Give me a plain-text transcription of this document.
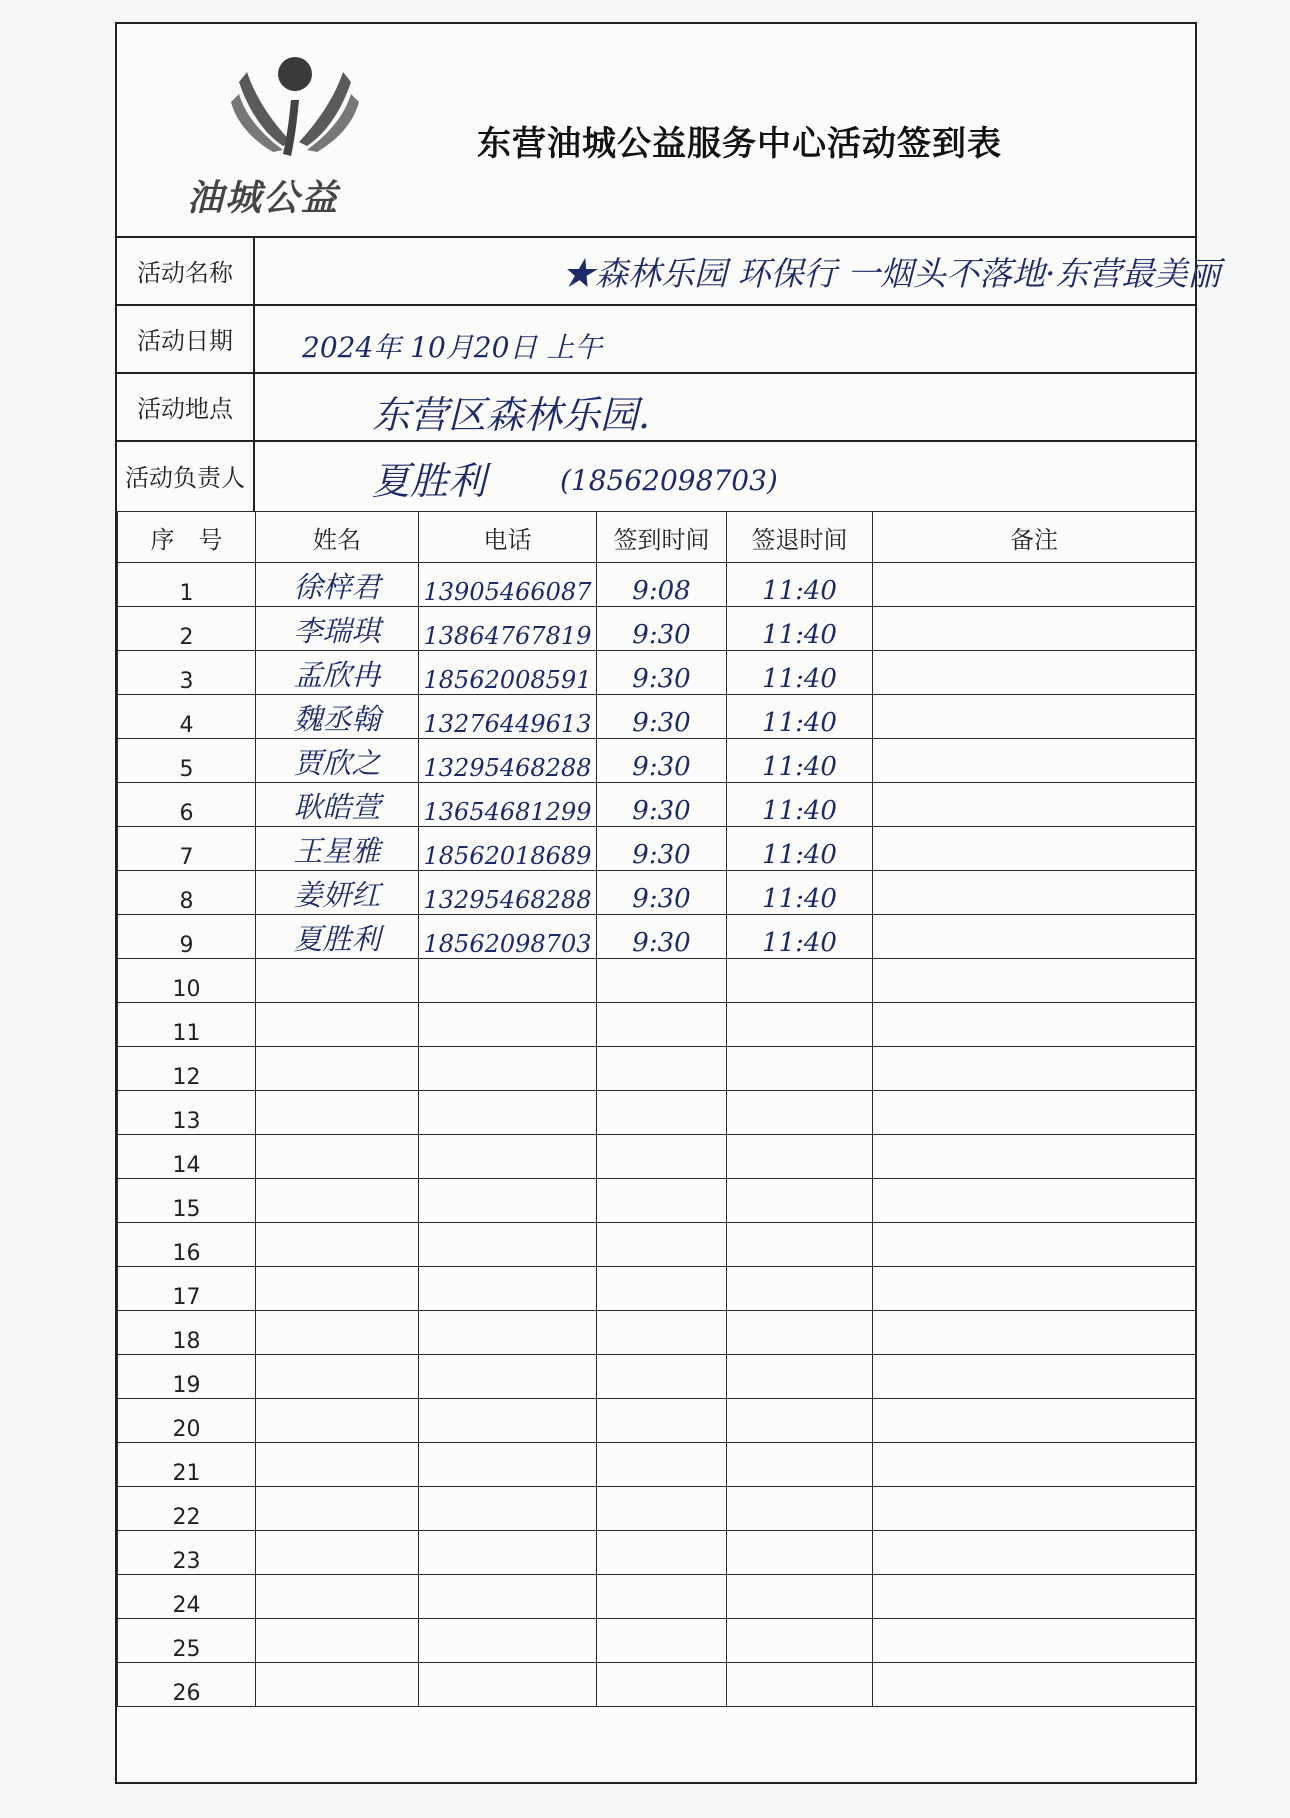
油城公益
东营油城公益服务中心活动签到表
活动名称	★森林乐园 环保行 一烟头不落地·东营最美丽
活动日期	2024年 10月20日 上午
活动地点	东营区森林乐园.
活动负责人	夏胜利	(18562098703)
序　号	姓名	电话	签到时间	签退时间	备注
1	徐梓君	13905466087	9:08	11:40	
2	李瑞琪	13864767819	9:30	11:40	
3	孟欣冉	18562008591	9:30	11:40	
4	魏丞翰	13276449613	9:30	11:40	
5	贾欣之	13295468288	9:30	11:40	
6	耿皓萱	13654681299	9:30	11:40	
7	王星雅	18562018689	9:30	11:40	
8	姜妍红	13295468288	9:30	11:40	
9	夏胜利	18562098703	9:30	11:40	
10					
11					
12					
13					
14					
15					
16					
17					
18					
19					
20					
21					
22					
23					
24					
25					
26					
